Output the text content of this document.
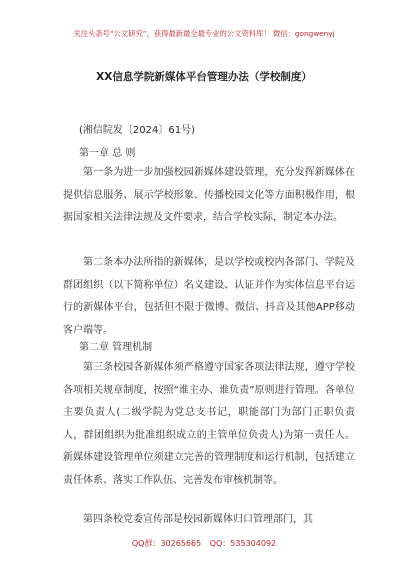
关注头条号“公文研究”，获得最新最全最专业的公文资料库！ 微信：gongwenyj
XX信息学院新媒体平台管理办法（学校制度）
(湘信院发〔2024〕61号)
第一章 总 则

第一条为进一步加强校园新媒体建设管理，充分发挥新媒体在提供信息服务、展示学校形象、传播校园文化等方面积极作用，根据国家相关法律法规及文件要求，结合学校实际，制定本办法。

第二条本办法所指的新媒体，是以学校或校内各部门、学院及群团组织（以下简称单位）名义建设、认证并作为实体信息平台运行的新媒体平台，包括但不限于微博、微信、抖音及其他APP移动客户端等。

第二章 管理机制

第三条校园各新媒体须严格遵守国家各项法律法规，遵守学校各项相关规章制度，按照“谁主办、谁负责”原则进行管理。各单位主要负责人(二级学院为党总支书记，职能部门为部门正职负责人，群团组织为批准组织成立的主管单位负责人)为第一责任人。新媒体建设管理单位须建立完善的管理制度和运行机制，包括建立责任体系、落实工作队伍、完善发布审核机制等。

第四条校党委宣传部是校园新媒体归口管理部门，其

QQ群：30265665 QQ：535304092
